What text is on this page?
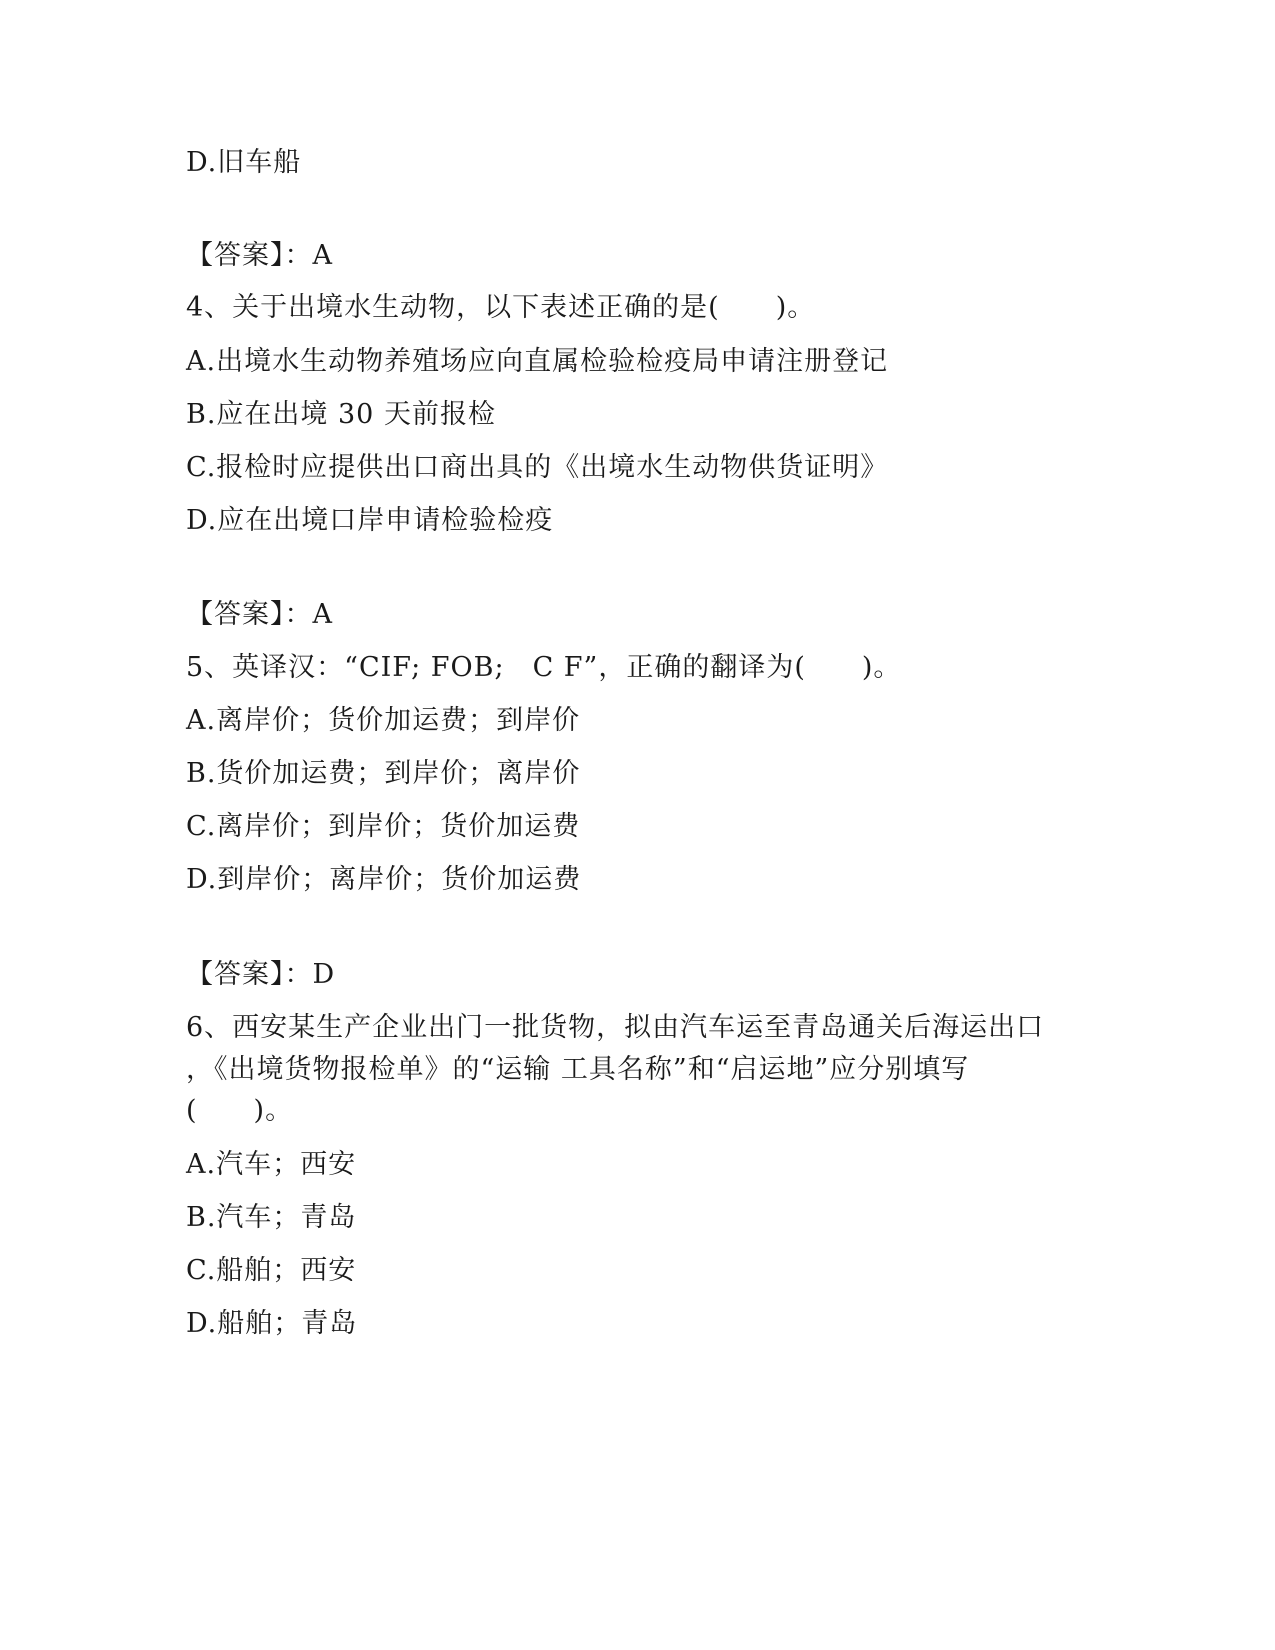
D.旧车船
【答案】：A
4、关于出境水生动物，以下表述正确的是(　　)。
A.出境水生动物养殖场应向直属检验检疫局申请注册登记
B.应在出境 30 天前报检
C.报检时应提供出口商出具的《出境水生动物供货证明》
D.应在出境口岸申请检验检疫
【答案】：A
5、英译汉：“CIF; FOB;　C F”，正确的翻译为(　　)。
A.离岸价；货价加运费；到岸价
B.货价加运费；到岸价；离岸价
C.离岸价；到岸价；货价加运费
D.到岸价；离岸价；货价加运费
【答案】：D
6、西安某生产企业出门一批货物，拟由汽车运至青岛通关后海运出口
，《出境货物报检单》的“运输 工具名称”和“启运地”应分别填写
(　　)。
A.汽车；西安
B.汽车；青岛
C.船舶；西安
D.船舶；青岛
